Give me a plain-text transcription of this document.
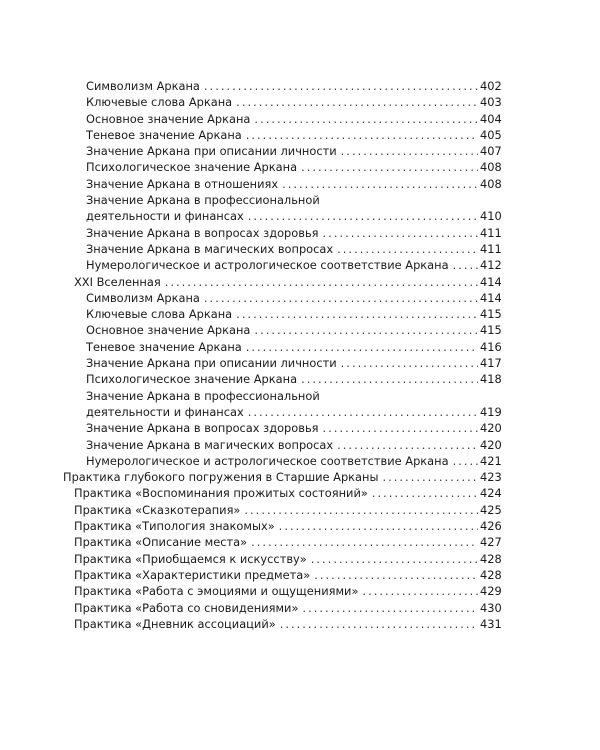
Символизм Аркана . . .	402
Ключевые слова Аркана . . .	403
Основное значение Аркана . . .	404
Теневое значение Аркана . . .	405
Значение Аркана при описании личности . . .	407
Психологическое значение Аркана . . .	408
Значение Аркана в отношениях . . .	408
Значение Аркана в профессиональной
деятельности и финансах . . .	410
Значение Аркана в вопросах здоровья . . .	411
Значение Аркана в магических вопросах . . .	411
Нумерологическое и астрологическое соответствие Аркана . . .	412
XXI Вселенная . . .	414
Символизм Аркана . . .	414
Ключевые слова Аркана . . .	415
Основное значение Аркана . . .	415
Теневое значение Аркана . . .	416
Значение Аркана при описании личности . . .	417
Психологическое значение Аркана . . .	418
Значение Аркана в профессиональной
деятельности и финансах . . .	419
Значение Аркана в вопросах здоровья . . .	420
Значение Аркана в магических вопросах . . .	420
Нумерологическое и астрологическое соответствие Аркана . . .	421
Практика глубокого погружения в Старшие Арканы . . .	423
Практика «Воспоминания прожитых состояний» . . .	424
Практика «Сказкотерапия» . . .	425
Практика «Типология знакомых» . . .	426
Практика «Описание места» . . .	427
Практика «Приобщаемся к искусству» . . .	428
Практика «Характеристики предмета» . . .	428
Практика «Работа с эмоциями и ощущениями» . . .	429
Практика «Работа со сновидениями» . . .	430
Практика «Дневник ассоциаций» . . .	431
